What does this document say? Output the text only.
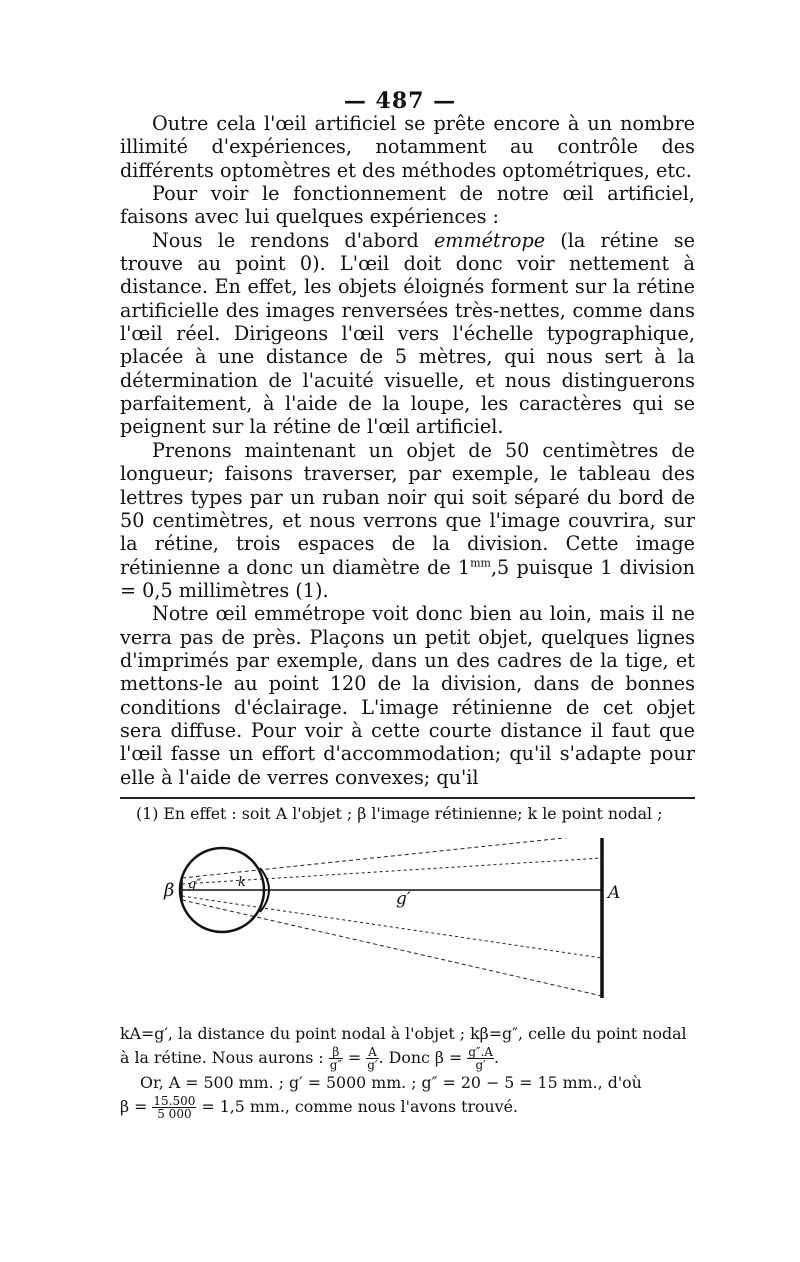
— 487 —

Outre cela l'œil artificiel se prête encore à un nombre illimité d'expériences, notamment au contrôle des différents optomètres et des méthodes optométriques, etc.

Pour voir le fonctionnement de notre œil artificiel, faisons avec lui quelques expériences :

Nous le rendons d'abord emmétrope (la rétine se trouve au point 0). L'œil doit donc voir nettement à distance. En effet, les objets éloignés forment sur la rétine artificielle des images renversées très-nettes, comme dans l'œil réel. Dirigeons l'œil vers l'échelle typographique, placée à une distance de 5 mètres, qui nous sert à la détermination de l'acuité visuelle, et nous distinguerons parfaitement, à l'aide de la loupe, les caractères qui se peignent sur la rétine de l'œil artificiel.

Prenons maintenant un objet de 50 centimètres de longueur; faisons traverser, par exemple, le tableau des lettres types par un ruban noir qui soit séparé du bord de 50 centimètres, et nous verrons que l'image couvrira, sur la rétine, trois espaces de la division. Cette image rétinienne a donc un diamètre de $1^{mm},5$ puisque 1 division = 0,5 millimètres (1).

Notre œil emmétrope voit donc bien au loin, mais il ne verra pas de près. Plaçons un petit objet, quelques lignes d'imprimés par exemple, dans un des cadres de la tige, et mettons-le au point 120 de la division, dans de bonnes conditions d'éclairage. L'image rétinienne de cet objet sera diffuse. Pour voir à cette courte distance il faut que l'œil fasse un effort d'accommodation; qu'il s'adapte pour elle à l'aide de verres convexes; qu'il

(1) En effet : soit A l'objet ; β l'image rétinienne; k le point nodal ;

β g″	k
g′	A

kA=g′, la distance du point nodal à l'objet ; kβ=g″, celle du point nodal

à la rétine. Nous aurons : $\frac{\beta}{g''} = \frac{A}{g'}$ . Donc $\beta = \frac{g''.A}{g'}$ .

Or, A = 500 mm. ; g′ = 5000 mm. ; g″ = 20 − 5 = 15 mm., d'où

$\beta = \frac{15.500}{5 000} = 1,5$ mm., comme nous l'avons trouvé.
